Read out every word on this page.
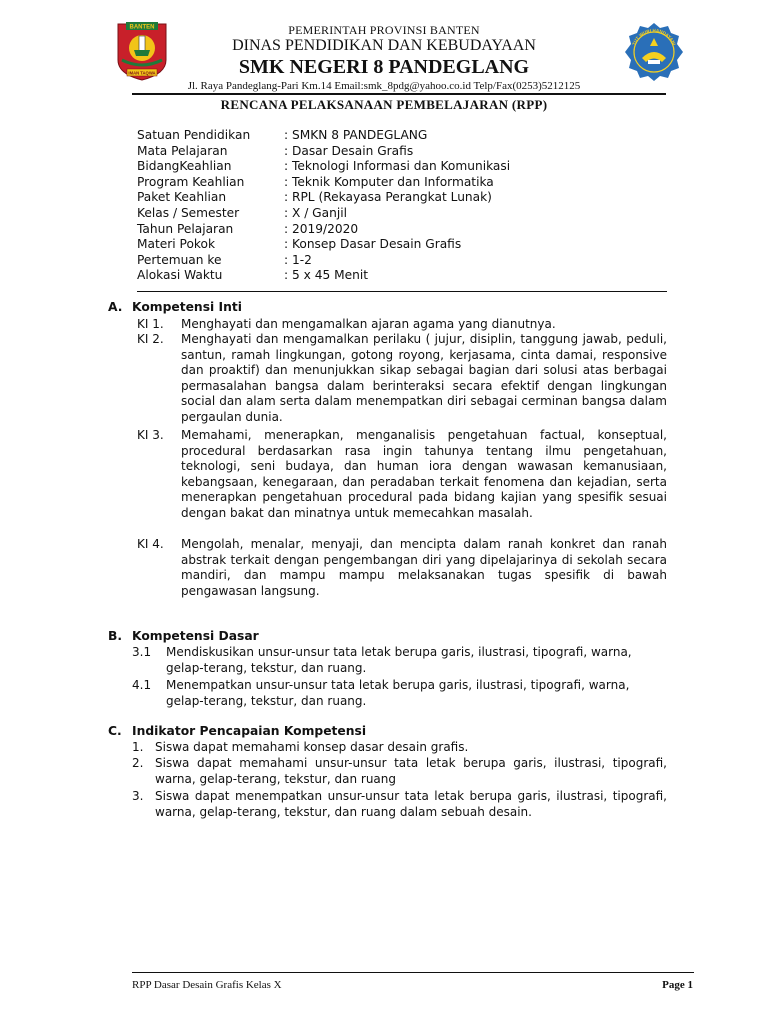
BANTEN
IMAN TAQWA
TUT WURI HANDAYANI
PEMERINTAH PROVINSI BANTEN
DINAS PENDIDIKAN DAN KEBUDAYAAN
SMK NEGERI 8 PANDEGLANG
Jl. Raya Pandeglang-Pari Km.14 Email:smk_8pdg@yahoo.co.id Telp/Fax(0253)5212125
RENCANA PELAKSANAAN PEMBELAJARAN (RPP)
Satuan Pendidikan	: SMKN 8 PANDEGLANG
Mata Pelajaran	: Dasar Desain Grafis
BidangKeahlian	: Teknologi Informasi dan Komunikasi
Program Keahlian	: Teknik Komputer dan Informatika
Paket Keahlian	: RPL (Rekayasa Perangkat Lunak)
Kelas / Semester	: X / Ganjil
Tahun Pelajaran	: 2019/2020
Materi Pokok	: Konsep Dasar Desain Grafis
Pertemuan ke	: 1-2
Alokasi Waktu	: 5 x 45 Menit
A. Kompetensi Inti
KI 1. Menghayati dan mengamalkan ajaran agama yang dianutnya.
KI 2. Menghayati dan mengamalkan perilaku ( jujur, disiplin, tanggung jawab, peduli, santun, ramah lingkungan, gotong royong, kerjasama, cinta damai, responsive dan proaktif) dan menunjukkan sikap sebagai bagian dari solusi atas berbagai permasalahan bangsa dalam berinteraksi secara efektif dengan lingkungan social dan alam serta dalam menempatkan diri sebagai cerminan bangsa dalam pergaulan dunia.
KI 3. Memahami, menerapkan, menganalisis pengetahuan factual, konseptual, procedural berdasarkan rasa ingin tahunya tentang ilmu pengetahuan, teknologi, seni budaya, dan human iora dengan wawasan kemanusiaan, kebangsaan, kenegaraan, dan peradaban terkait fenomena dan kejadian, serta menerapkan pengetahuan procedural pada bidang kajian yang spesifik sesuai dengan bakat dan minatnya untuk memecahkan masalah.
KI 4. Mengolah, menalar, menyaji, dan mencipta dalam ranah konkret dan ranah abstrak terkait dengan pengembangan diri yang dipelajarinya di sekolah secara mandiri, dan mampu mampu melaksanakan tugas spesifik di bawah pengawasan langsung.
B. Kompetensi Dasar
3.1 Mendiskusikan unsur-unsur tata letak berupa garis, ilustrasi, tipografi, warna, gelap-terang, tekstur, dan ruang.
4.1 Menempatkan unsur-unsur tata letak berupa garis, ilustrasi, tipografi, warna, gelap-terang, tekstur, dan ruang.
C. Indikator Pencapaian Kompetensi
1. Siswa dapat memahami konsep dasar desain grafis.
2. Siswa dapat memahami unsur-unsur tata letak berupa garis, ilustrasi, tipografi, warna, gelap-terang, tekstur, dan ruang
3. Siswa dapat menempatkan unsur-unsur tata letak berupa garis, ilustrasi, tipografi, warna, gelap-terang, tekstur, dan ruang dalam sebuah desain.
RPP Dasar Desain Grafis Kelas X	Page 1
